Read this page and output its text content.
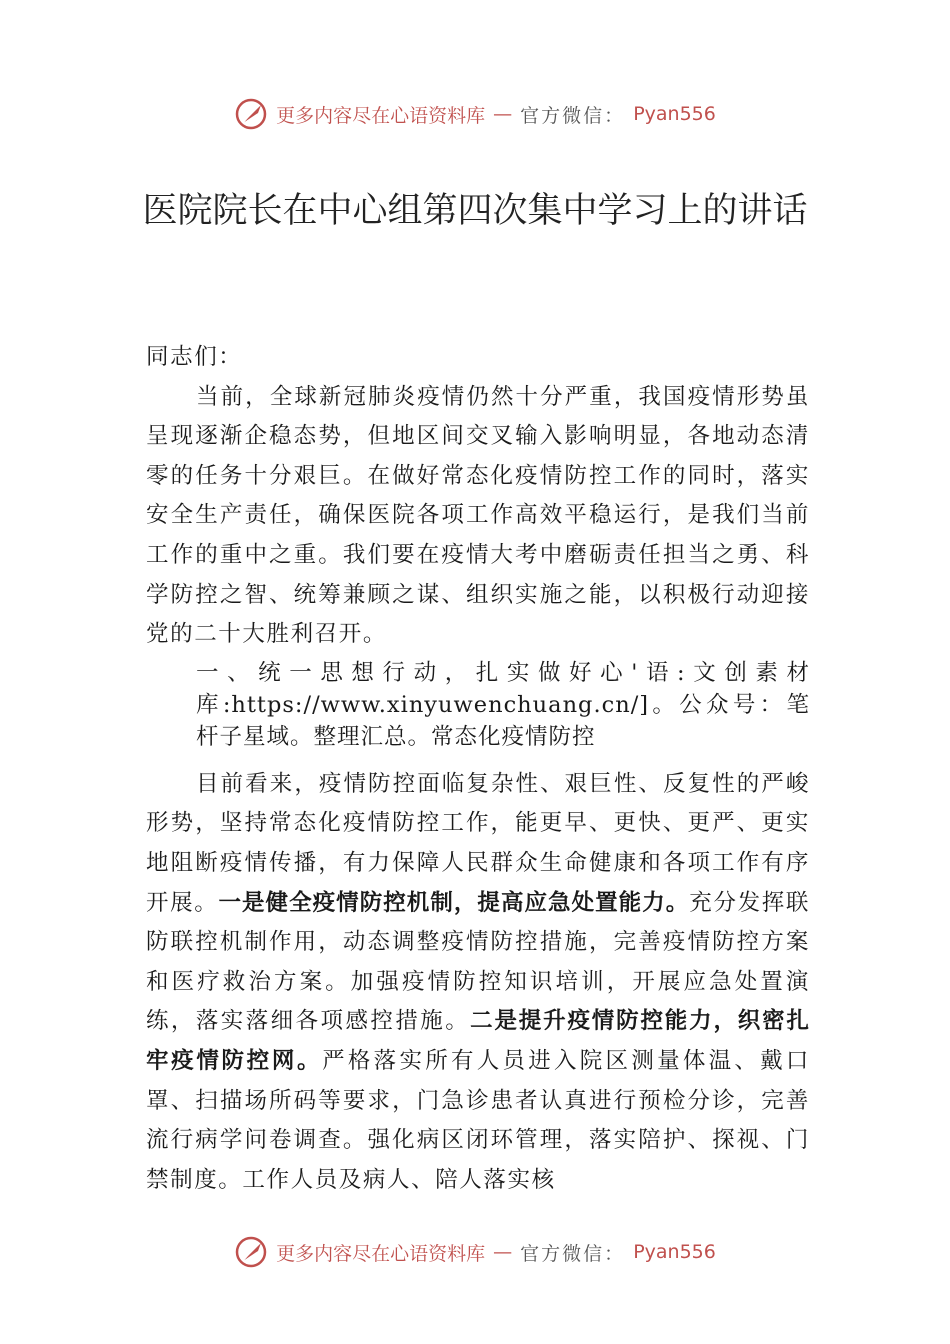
更多内容尽在心语资料库 — 官方微信： Pyan556
医院院长在中心组第四次集中学习上的讲话

同志们：

当前，全球新冠肺炎疫情仍然十分严重，我国疫情形势虽呈现逐渐企稳态势，但地区间交叉输入影响明显，各地动态清零的任务十分艰巨。在做好常态化疫情防控工作的同时，落实安全生产责任，确保医院各项工作高效平稳运行，是我们当前工作的重中之重。我们要在疫情大考中磨砺责任担当之勇、科学防控之智、统筹兼顾之谋、组织实施之能，以积极行动迎接党的二十大胜利召开。

一、统一思想行动，扎实做好心'语:文创素材库:https://www.xinyuwenchuang.cn/]。公众号：笔杆子星域。整理汇总。常态化疫情防控

目前看来，疫情防控面临复杂性、艰巨性、反复性的严峻形势，坚持常态化疫情防控工作，能更早、更快、更严、更实地阻断疫情传播，有力保障人民群众生命健康和各项工作有序开展。一是健全疫情防控机制，提高应急处置能力。充分发挥联防联控机制作用，动态调整疫情防控措施，完善疫情防控方案和医疗救治方案。加强疫情防控知识培训，开展应急处置演练，落实落细各项感控措施。二是提升疫情防控能力，织密扎牢疫情防控网。严格落实所有人员进入院区测量体温、戴口罩、扫描场所码等要求，门急诊患者认真进行预检分诊，完善流行病学问卷调查。强化病区闭环管理，落实陪护、探视、门禁制度。工作人员及病人、陪人落实核

更多内容尽在心语资料库 — 官方微信： Pyan556
